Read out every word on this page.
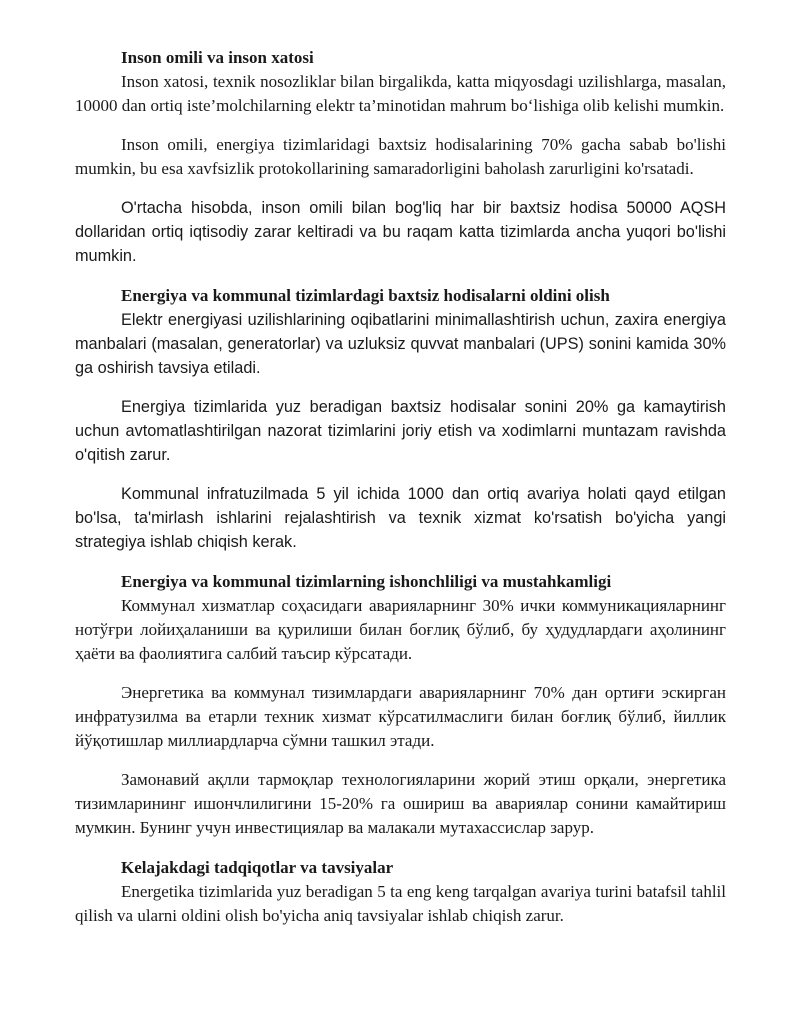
Inson omili va inson xatosi

Inson xatosi, texnik nosozliklar bilan birgalikda, katta miqyosdagi uzilishlarga, masalan, 10000 dan ortiq iste’molchilarning elektr ta’minotidan mahrum bo‘lishiga olib kelishi mumkin.

Inson omili, energiya tizimlaridagi baxtsiz hodisalarining 70% gacha sabab bo'lishi mumkin, bu esa xavfsizlik protokollarining samaradorligini baholash zarurligini ko'rsatadi.

O'rtacha hisobda, inson omili bilan bog'liq har bir baxtsiz hodisa 50000 AQSH dollaridan ortiq iqtisodiy zarar keltiradi va bu raqam katta tizimlarda ancha yuqori bo'lishi mumkin.

Energiya va kommunal tizimlardagi baxtsiz hodisalarni oldini olish

Elektr energiyasi uzilishlarining oqibatlarini minimallashtirish uchun, zaxira energiya manbalari (masalan, generatorlar) va uzluksiz quvvat manbalari (UPS) sonini kamida 30% ga oshirish tavsiya etiladi.

Energiya tizimlarida yuz beradigan baxtsiz hodisalar sonini 20% ga kamaytirish uchun avtomatlashtirilgan nazorat tizimlarini joriy etish va xodimlarni muntazam ravishda o'qitish zarur.

Kommunal infratuzilmada 5 yil ichida 1000 dan ortiq avariya holati qayd etilgan bo'lsa, ta'mirlash ishlarini rejalashtirish va texnik xizmat ko'rsatish bo'yicha yangi strategiya ishlab chiqish kerak.

Energiya va kommunal tizimlarning ishonchliligi va mustahkamligi

Коммунал хизматлар соҳасидаги аварияларнинг 30% ички коммуникацияларнинг нотўғри лойиҳаланиши ва қурилиши билан боғлиқ бўлиб, бу ҳудудлардаги аҳолининг ҳаёти ва фаолиятига салбий таъсир кўрсатади.

Энергетика ва коммунал тизимлардаги аварияларнинг 70% дан ортиғи эскирган инфратузилма ва етарли техник хизмат кўрсатилмаслиги билан боғлиқ бўлиб, йиллик йўқотишлар миллиардларча сўмни ташкил этади.

Замонавий ақлли тармоқлар технологияларини жорий этиш орқали, энергетика тизимларининг ишончлилигини 15-20% га ошириш ва авариялар сонини камайтириш мумкин. Бунинг учун инвестициялар ва малакали мутахассислар зарур.

Kelajakdagi tadqiqotlar va tavsiyalar

Energetika tizimlarida yuz beradigan 5 ta eng keng tarqalgan avariya turini batafsil tahlil qilish va ularni oldini olish bo'yicha aniq tavsiyalar ishlab chiqish zarur.
